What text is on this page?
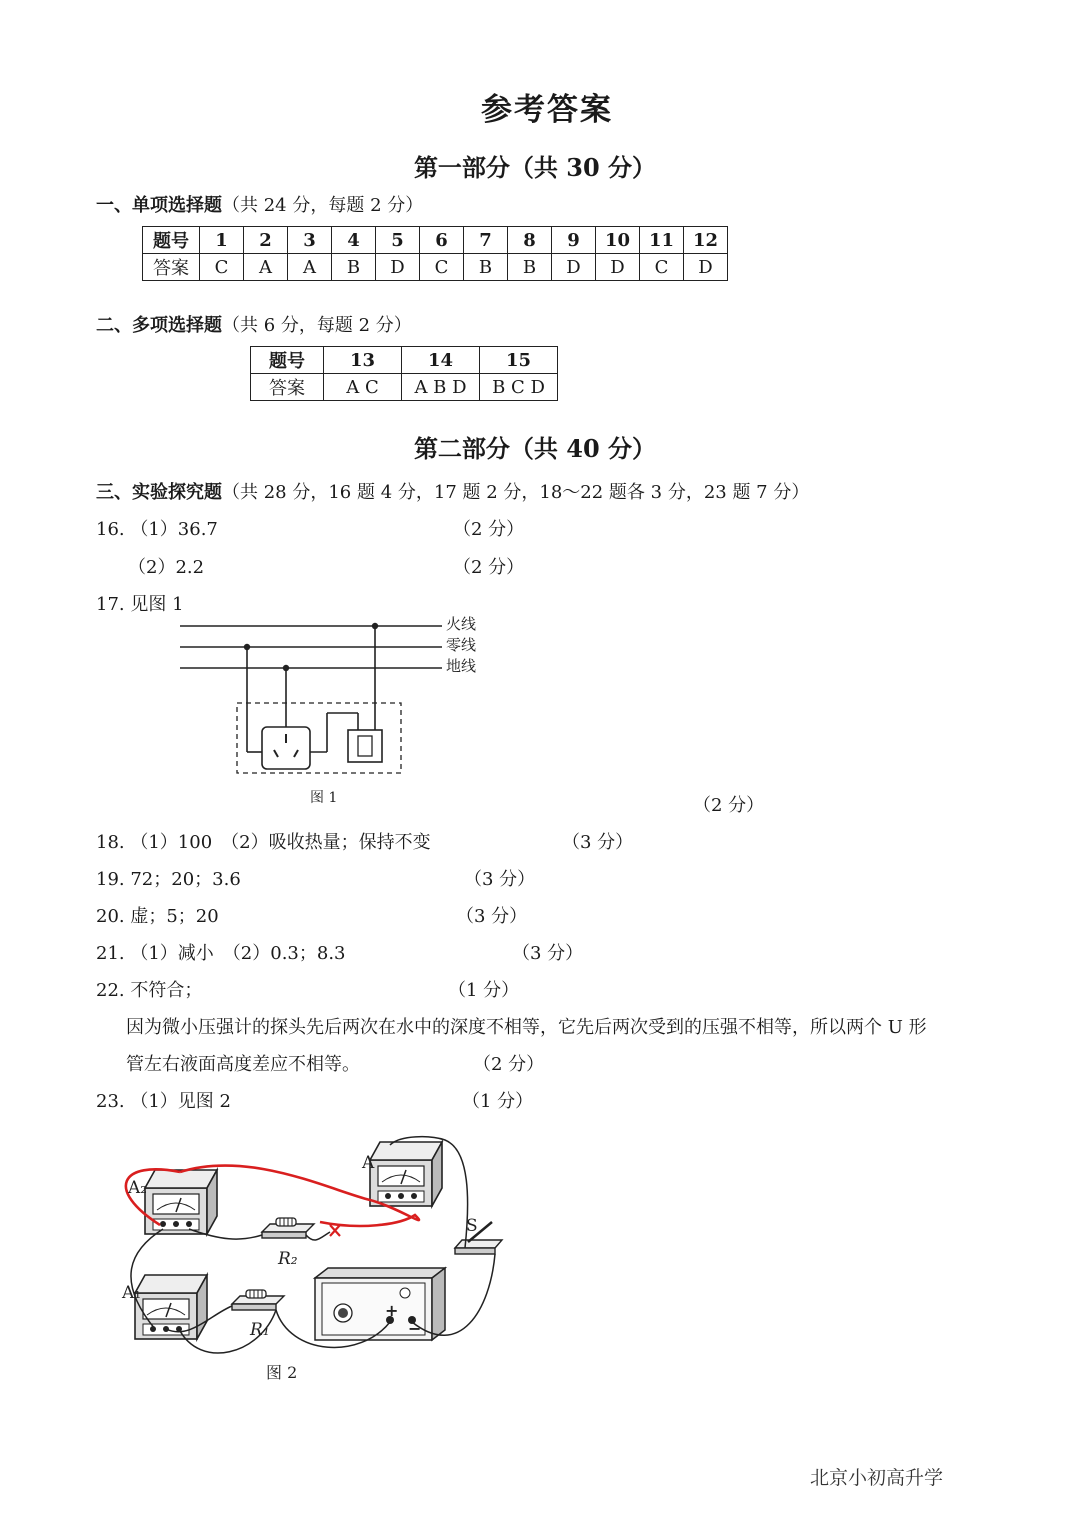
参考答案
第一部分（共 30 分）
一、单项选择题（共 24 分，每题 2 分）
题号	1	2	3	4	5	6	7	8	9	10	11	12
答案	C	A	A	B	D	C	B	B	D	D	C	D
二、多项选择题（共 6 分，每题 2 分）
题号	13	14	15
答案	A C	A B D	B C D
第二部分（共 40 分）
三、实验探究题（共 28 分，16 题 4 分，17 题 2 分，18～22 题各 3 分，23 题 7 分）
16. （1）36.7	（2 分）
（2）2.2	（2 分）
17. 见图 1
火线
零线
地线
图 1	（2 分）
18. （1）100　（2）吸收热量；保持不变	（3 分）
19. 72；20；3.6	（3 分）
20. 虚；5；20	（3 分）
21. （1）减小　（2）0.3；8.3	（3 分）
22. 不符合；	（1 分）
因为微小压强计的探头先后两次在水中的深度不相等，它先后两次受到的压强不相等，所以两个 U 形
管左右液面高度差应不相等。	（2 分）
23. （1）见图 2	（1 分）
+
−
A₂
A₁
A
R₂
R₁
S
图 2
北京小初高升学
